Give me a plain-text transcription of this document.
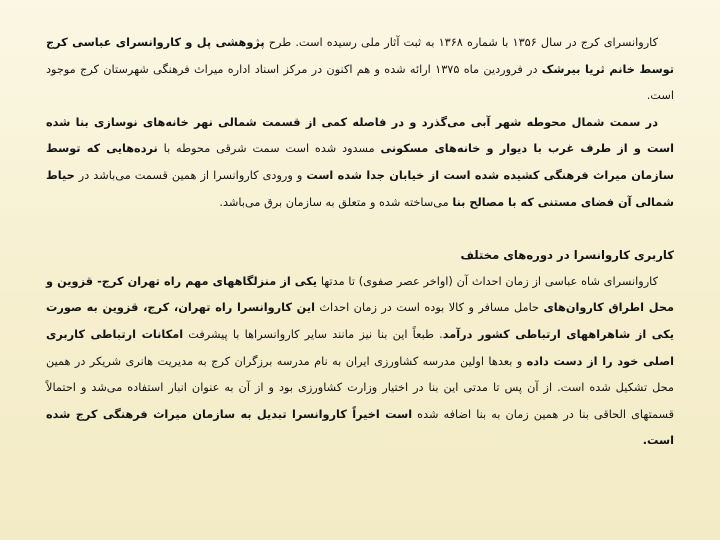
کاروانسرای کرج در سال ۱۳۵۶ با شماره ۱۳۶۸ به ثبت آثار ملی رسیده است. طرح پژوهشی پل و کاروانسرای عباسی کرج توسط خانم ثریا بیرشک در فروردین ماه ۱۳۷۵ ارائه شده و هم اکنون در مرکز اسناد اداره میراث فرهنگی شهرستان کرج موجود است.

در سمت شمال محوطه شهر آبی می‌گذرد و در فاصله کمی از قسمت شمالی نهر خانه‌های نوسازی بنا شده است و از طرف غرب با دیوار و خانه‌های مسکونی مسدود شده است سمت شرقی محوطه با نرده‌هایی که توسط سازمان میراث فرهنگی کشیده شده است از خیابان جدا شده است و ورودی کاروانسرا از همین قسمت می‌باشد در حیاط شمالی آن فضای مستنی که با مصالح بنا می‌ساخته شده و متعلق به سازمان برق می‌باشد.

کاربری کاروانسرا در دوره‌های مختلف

کاروانسرای شاه عباسی از زمان احداث آن (اواخر عصر صفوی) تا مدتها یکی از منزلگاههای مهم راه تهران کرج- قزوین و محل اطراق کاروان‌های حامل مسافر و کالا بوده است در زمان احداث این کاروانسرا راه تهران، کرج، قزوین به صورت یکی از شاهراههای ارتباطی کشور درآمد. طبعاً این بنا نیز مانند سایر کاروانسراها با پیشرفت امکانات ارتباطی کاربری اصلی خود را از دست داده و بعدها اولین مدرسه کشاورزی ایران به نام مدرسه برزگران کرج به مدیریت هانری شریکر در همین محل تشکیل شده است. از آن پس تا مدتی این بنا در اختیار وزارت کشاورزی بود و از آن به عنوان انبار استفاده می‌شد و احتمالاً قسمتهای الحاقی بنا در همین زمان به بنا اضافه شده است اخیراً کاروانسرا تبدیل به سازمان میراث فرهنگی کرج شده است.
